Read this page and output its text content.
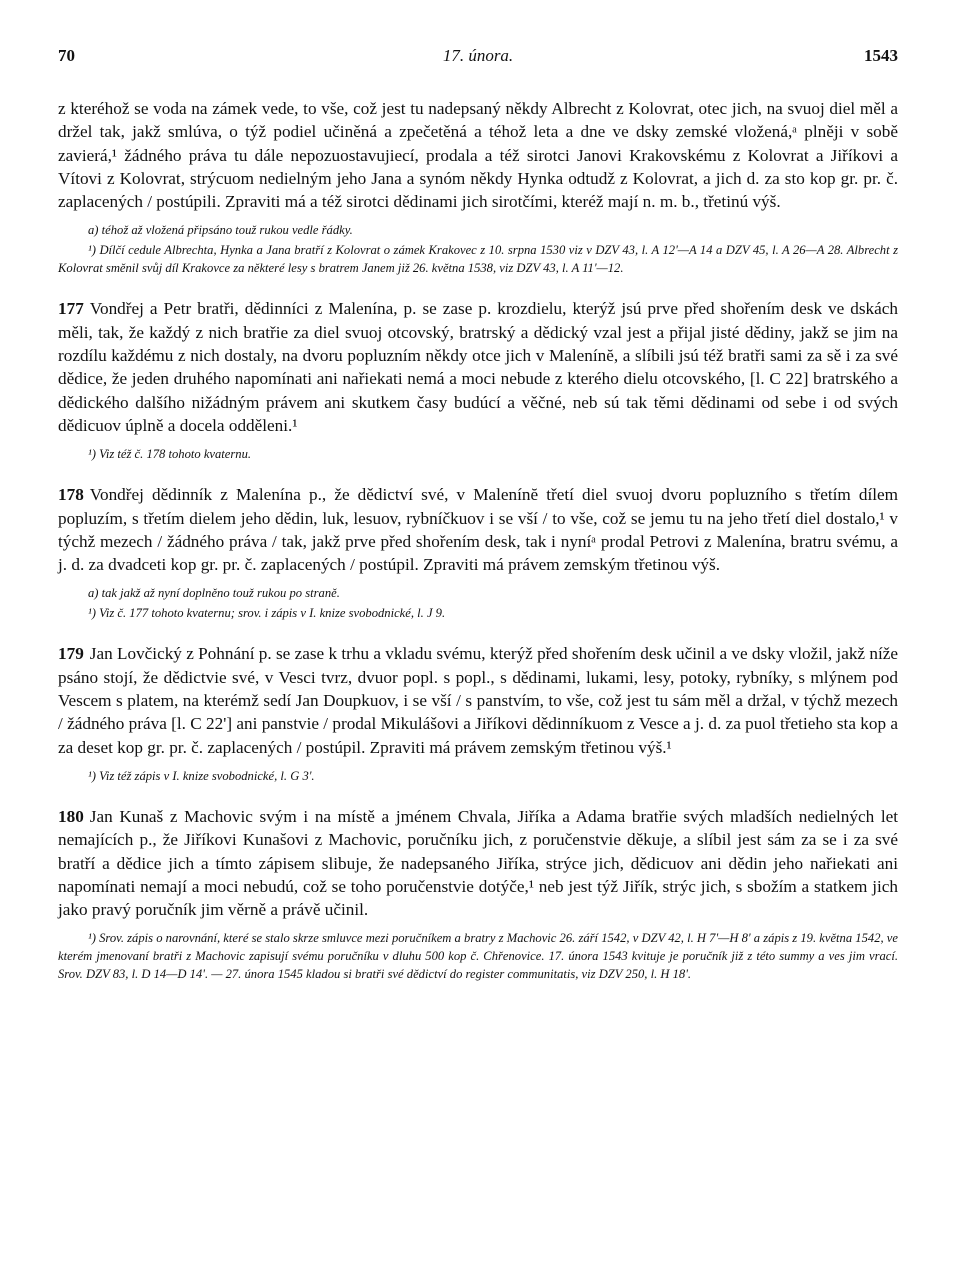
70	17. února.	1543

z kteréhož se voda na zámek vede, to vše, což jest tu nadepsaný někdy Albrecht z Kolovrat, otec jich, na svuoj diel měl a držel tak, jakž smlúva, o týž podiel učiněná a zpečetěná a téhož leta a dne ve dsky zemské vložená,ᵃ plněji v sobě zavierá,¹ žádného práva tu dále nepozuostavujiecí, prodala a též sirotci Janovi Krakovskému z Kolovrat a Jiříkovi a Vítovi z Kolovrat, strýcuom nedielným jeho Jana a synóm někdy Hynka odtudž z Kolovrat, a jich d. za sto kop gr. pr. č. zaplacených / postúpili. Zpraviti má a též sirotci dědinami jich sirotčími, kteréž mají n. m. b., třetinú výš.

a) téhož až vložená připsáno touž rukou vedle řádky.

¹) Dílčí cedule Albrechta, Hynka a Jana bratří z Kolovrat o zámek Krakovec z 10. srpna 1530 viz v DZV 43, l. A 12'—A 14 a DZV 45, l. A 26—A 28. Albrecht z Kolovrat směnil svůj díl Krakovce za některé lesy s bratrem Janem již 26. května 1538, viz DZV 43, l. A 11'—12.

177 Vondřej a Petr bratři, dědinníci z Malenína, p. se zase p. krozdielu, kterýž jsú prve před shořením desk ve dskách měli, tak, že každý z nich bratřie za diel svuoj otcovský, bratrský a dědický vzal jest a přijal jisté dědiny, jakž se jim na rozdílu každému z nich dostaly, na dvoru popluzním někdy otce jich v Malenínĕ, a slíbili jsú též bratři sami za sě i za své dědice, že jeden druhého napomínati ani nařiekati nemá a moci nebude z kterého dielu otcovského, [l. C 22] bratrského a dědického dalšího nižádným právem ani skutkem časy budúcí a věčné, neb sú tak těmi dědinami od sebe i od svých dědicuov úplně a docela odděleni.¹

¹) Viz též č. 178 tohoto kvaternu.

178 Vondřej dědinník z Malenína p., že dědictví své, v Malenínĕ třetí diel svuoj dvoru popluzního s třetím dílem popluzím, s třetím dielem jeho dědin, luk, lesuov, rybníčkuov i se vší / to vše, což se jemu tu na jeho třetí diel dostalo,¹ v týchž mezech / žádného práva / tak, jakž prve před shořením desk, tak i nyníᵃ prodal Petrovi z Malenína, bratru svému, a j. d. za dvadceti kop gr. pr. č. zaplacených / postúpil. Zpraviti má právem zemským třetinou výš.

a) tak jakž až nyní doplněno touž rukou po straně.

¹) Viz č. 177 tohoto kvaternu; srov. i zápis v I. knize svobodnické, l. J 9.

179 Jan Lovčický z Pohnání p. se zase k trhu a vkladu svému, kterýž před shořením desk učinil a ve dsky vložil, jakž níže psáno stojí, že dědictvie své, v Vesci tvrz, dvuor popl. s popl., s dědinami, lukami, lesy, potoky, rybníky, s mlýnem pod Vescem s platem, na kterémž sedí Jan Doupkuov, i se vší / s panstvím, to vše, což jest tu sám měl a držal, v týchž mezech / žádného práva [l. C 22'] ani panstvie / prodal Mikulášovi a Jiříkovi dědinníkuom z Vesce a j. d. za puol třetieho sta kop a za deset kop gr. pr. č. zaplacených / postúpil. Zpraviti má právem zemským třetinou výš.¹

¹) Viz též zápis v I. knize svobodnické, l. G 3'.

180 Jan Kunaš z Machovic svým i na místě a jménem Chvala, Jiříka a Adama bratřie svých mladších nedielných let nemajících p., že Jiříkovi Kunašovi z Machovic, poručníku jich, z poručenstvie děkuje, a slíbil jest sám za se i za své bratří a dědice jich a tímto zápisem slibuje, že nadepsaného Jiříka, strýce jich, dědicuov ani dědin jeho nařiekati ani napomínati nemají a moci nebudú, což se toho poručenstvie dotýče,¹ neb jest týž Jiřík, strýc jich, s sbožím a statkem jich jako pravý poručník jim věrně a právě učinil.

¹) Srov. zápis o narovnání, které se stalo skrze smluvce mezi poručníkem a bratry z Machovic 26. září 1542, v DZV 42, l. H 7'—H 8' a zápis z 19. května 1542, ve kterém jmenovaní bratři z Machovic zapisují svému poručníku v dluhu 500 kop č. Chřenovice. 17. února 1543 kvituje je poručník již z této summy a ves jim vrací. Srov. DZV 83, l. D 14—D 14'. — 27. února 1545 kladou si bratři své dědictví do register communitatis, viz DZV 250, l. H 18'.
